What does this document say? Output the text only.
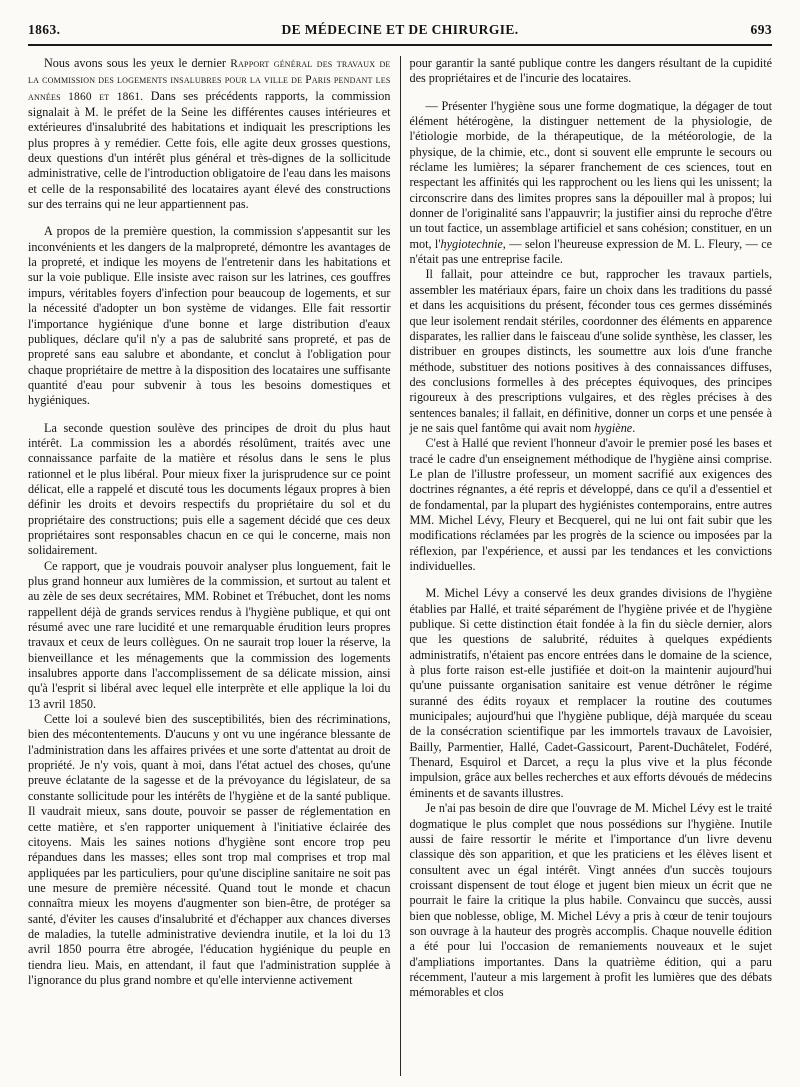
1863.	DE MÉDECINE ET DE CHIRURGIE.	693

Nous avons sous les yeux le dernier Rapport général des travaux de la commission des logements insalubres pour la ville de Paris pendant les années 1860 et 1861. Dans ses précédents rapports, la commission signalait à M. le préfet de la Seine les différentes causes intérieures et extérieures d'insalubrité des habitations et indiquait les prescriptions les plus propres à y remédier. Cette fois, elle agite deux grosses questions, deux questions d'un intérêt plus général et très-dignes de la sollicitude administrative, celle de l'introduction obligatoire de l'eau dans les maisons et celle de la responsabilité des locataires ayant élevé des constructions sur des terrains qui ne leur appartiennent pas.

A propos de la première question, la commission s'appesantit sur les inconvénients et les dangers de la malpropreté, démontre les avantages de la propreté, et indique les moyens de l'entretenir dans les habitations et sur la voie publique. Elle insiste avec raison sur les latrines, ces gouffres impurs, véritables foyers d'infection pour beaucoup de logements, et sur la nécessité d'adopter un bon système de vidanges. Elle fait ressortir l'importance hygiénique d'une bonne et large distribution d'eaux publiques, déclare qu'il n'y a pas de salubrité sans propreté, et pas de propreté sans eau salubre et abondante, et conclut à l'obligation pour chaque propriétaire de mettre à la disposition des locataires une suffisante quantité d'eau pour subvenir à tous les besoins domestiques et hygiéniques.

La seconde question soulève des principes de droit du plus haut intérêt. La commission les a abordés résolûment, traités avec une connaissance parfaite de la matière et résolus dans le sens le plus rationnel et le plus libéral. Pour mieux fixer la jurisprudence sur ce point délicat, elle a rappelé et discuté tous les documents légaux propres à bien définir les droits et devoirs respectifs du propriétaire du sol et du propriétaire des constructions; puis elle a sagement décidé que ces deux propriétaires sont responsables chacun en ce qui le concerne, mais non solidairement.

Ce rapport, que je voudrais pouvoir analyser plus longuement, fait le plus grand honneur aux lumières de la commission, et surtout au talent et au zèle de ses deux secrétaires, MM. Robinet et Trébuchet, dont les noms rappellent déjà de grands services rendus à l'hygiène publique, et qui ont résumé avec une rare lucidité et une remarquable érudition leurs propres travaux et ceux de leurs collègues. On ne saurait trop louer la réserve, la bienveillance et les ménagements que la commission des logements insalubres apporte dans l'accomplissement de sa délicate mission, ainsi qu'à l'esprit si libéral avec lequel elle interprète et elle applique la loi du 13 avril 1850.

Cette loi a soulevé bien des susceptibilités, bien des récriminations, bien des mécontentements. D'aucuns y ont vu une ingérance blessante de l'administration dans les affaires privées et une sorte d'attentat au droit de propriété. Je n'y vois, quant à moi, dans l'état actuel des choses, qu'une preuve éclatante de la sagesse et de la prévoyance du législateur, de sa constante sollicitude pour les intérêts de l'hygiène et de la santé publique. Il vaudrait mieux, sans doute, pouvoir se passer de réglementation en cette matière, et s'en rapporter uniquement à l'initiative éclairée des citoyens. Mais les saines notions d'hygiène sont encore trop peu répandues dans les masses; elles sont trop mal comprises et trop mal appliquées par les particuliers, pour qu'une discipline sanitaire ne soit pas une mesure de première nécessité. Quand tout le monde et chacun connaîtra mieux les moyens d'augmenter son bien-être, de protéger sa santé, d'éviter les causes d'insalubrité et d'échapper aux chances diverses de maladies, la tutelle administrative deviendra inutile, et la loi du 13 avril 1850 pourra être abrogée, l'éducation hygiénique du peuple en tiendra lieu. Mais, en attendant, il faut que l'administration supplée à l'ignorance du plus grand nombre et qu'elle intervienne activement

pour garantir la santé publique contre les dangers résultant de la cupidité des propriétaires et de l'incurie des locataires.

— Présenter l'hygiène sous une forme dogmatique, la dégager de tout élément hétérogène, la distinguer nettement de la physiologie, de l'étiologie morbide, de la thérapeutique, de la météorologie, de la physique, de la chimie, etc., dont si souvent elle emprunte le secours ou réclame les lumières; la séparer franchement de ces sciences, tout en respectant les affinités qui les rapprochent ou les liens qui les unissent; la circonscrire dans des limites propres sans la dépouiller mal à propos; lui donner de l'originalité sans l'appauvrir; la justifier ainsi du reproche d'être un tout factice, un assemblage artificiel et sans cohésion; constituer, en un mot, l'hygiotechnie, — selon l'heureuse expression de M. L. Fleury, — ce n'était pas une entreprise facile.

Il fallait, pour atteindre ce but, rapprocher les travaux partiels, assembler les matériaux épars, faire un choix dans les traditions du passé et dans les acquisitions du présent, féconder tous ces germes disséminés que leur isolement rendait stériles, coordonner des éléments en apparence disparates, les rallier dans le faisceau d'une solide synthèse, les classer, les distribuer en groupes distincts, les soumettre aux lois d'une franche méthode, substituer des notions positives à des connaissances diffuses, des conclusions formelles à des préceptes équivoques, des principes rigoureux à des prescriptions vulgaires, et des règles précises à des sentences banales; il fallait, en définitive, donner un corps et une pensée à je ne sais quel fantôme qui avait nom hygiène.

C'est à Hallé que revient l'honneur d'avoir le premier posé les bases et tracé le cadre d'un enseignement méthodique de l'hygiène ainsi comprise. Le plan de l'illustre professeur, un moment sacrifié aux exigences des doctrines régnantes, a été repris et développé, dans ce qu'il a d'essentiel et de fondamental, par la plupart des hygiénistes contemporains, entre autres MM. Michel Lévy, Fleury et Becquerel, qui ne lui ont fait subir que les modifications réclamées par les progrès de la science ou imposées par la réflexion, par l'expérience, et aussi par les tendances et les convictions individuelles.

M. Michel Lévy a conservé les deux grandes divisions de l'hygiène établies par Hallé, et traité séparément de l'hygiène privée et de l'hygiène publique. Si cette distinction était fondée à la fin du siècle dernier, alors que les questions de salubrité, réduites à quelques expédients administratifs, n'étaient pas encore entrées dans le domaine de la science, à plus forte raison est-elle justifiée et doit-on la maintenir aujourd'hui qu'une puissante organisation sanitaire est venue détrôner le régime suranné des édits royaux et remplacer la routine des coutumes municipales; aujourd'hui que l'hygiène publique, déjà marquée du sceau de la consécration scientifique par les immortels travaux de Lavoisier, Bailly, Parmentier, Hallé, Cadet-Gassicourt, Parent-Duchâtelet, Fodéré, Thenard, Esquirol et Darcet, a reçu la plus vive et la plus féconde impulsion, grâce aux belles recherches et aux efforts dévoués de médecins éminents et de savants illustres.

Je n'ai pas besoin de dire que l'ouvrage de M. Michel Lévy est le traité dogmatique le plus complet que nous possédions sur l'hygiène. Inutile aussi de faire ressortir le mérite et l'importance d'un livre devenu classique dès son apparition, et que les praticiens et les élèves lisent et consultent avec un égal intérêt. Vingt années d'un succès toujours croissant dispensent de tout éloge et jugent bien mieux un écrit que ne pourrait le faire la critique la plus habile. Convaincu que succès, aussi bien que noblesse, oblige, M. Michel Lévy a pris à cœur de tenir toujours son ouvrage à la hauteur des progrès accomplis. Chaque nouvelle édition a été pour lui l'occasion de remaniements nouveaux et le sujet d'ampliations importantes. Dans la quatrième édition, qui a paru récemment, l'auteur a mis largement à profit les lumières que des débats mémorables et clos
